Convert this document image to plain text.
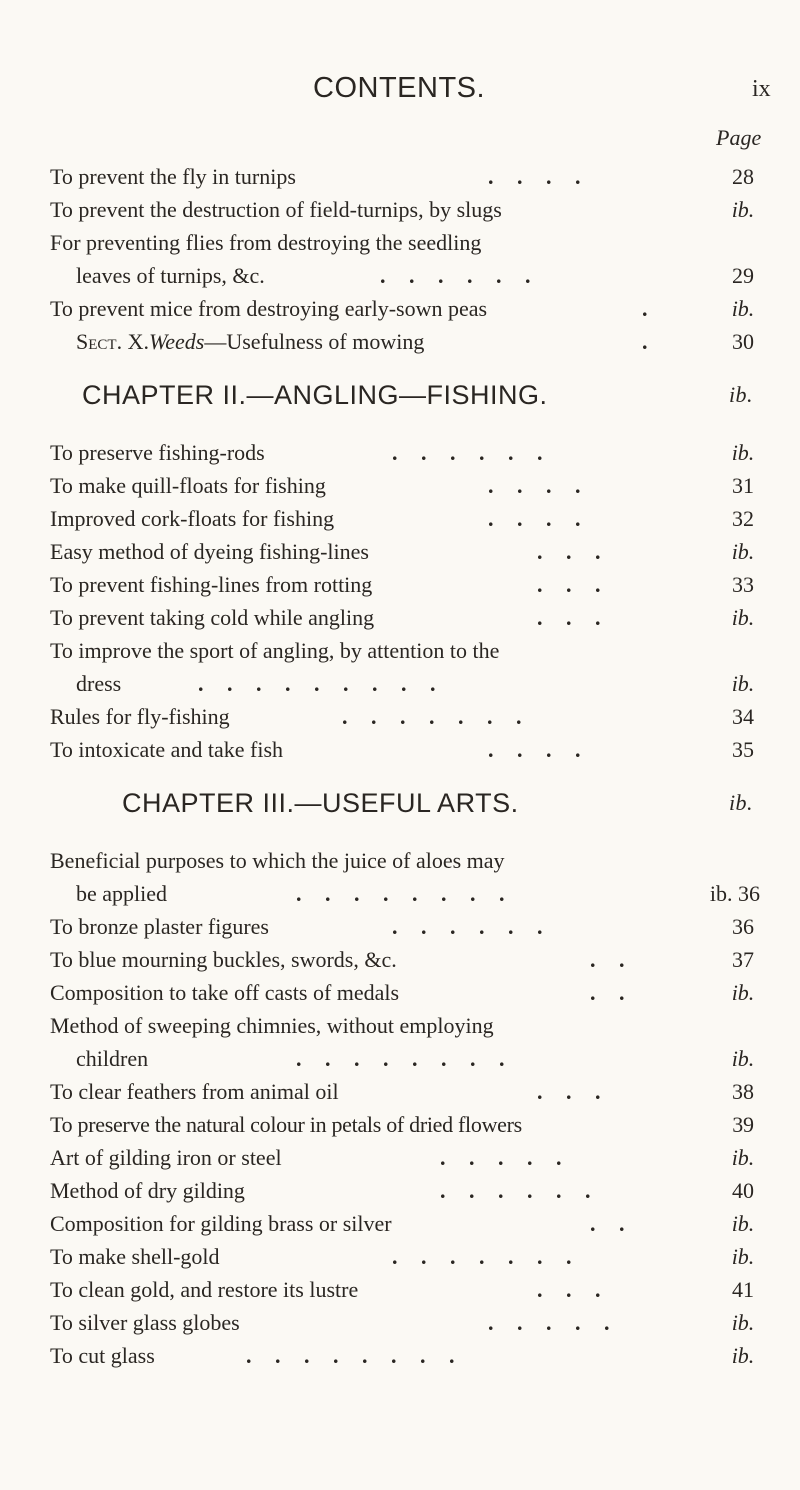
CONTENTS.	ix
Page
To prevent the fly in turnips	. . . .	28
To prevent the destruction of field-turnips, by slugs	ib.
For preventing flies from destroying the seedling
leaves of turnips, &c.	. . . . . .	29
To prevent mice from destroying early-sown peas	.	ib.
Sect. X.Weeds—Usefulness of mowing	.	30
CHAPTER II.—ANGLING—FISHING.	ib.
To preserve fishing-rods	. . . . . .	ib.
To make quill-floats for fishing	. . . .	31
Improved cork-floats for fishing	. . . .	32
Easy method of dyeing fishing-lines	. . .	ib.
To prevent fishing-lines from rotting	. . .	33
To prevent taking cold while angling	. . .	ib.
To improve the sport of angling, by attention to the
dress	. . . . . . . . .	ib.
Rules for fly-fishing	. . . . . . .	34
To intoxicate and take fish	. . . .	35
CHAPTER III.—USEFUL ARTS.	ib.
Beneficial purposes to which the juice of aloes may
be applied	. . . . . . . .	ib. 36
To bronze plaster figures	. . . . . .	36
To blue mourning buckles, swords, &c.	. .	37
Composition to take off casts of medals	. .	ib.
Method of sweeping chimnies, without employing
children	. . . . . . . .	ib.
To clear feathers from animal oil	. . .	38
To preserve the natural colour in petals of dried flowers	39
Art of gilding iron or steel	. . . . .	ib.
Method of dry gilding	. . . . . .	40
Composition for gilding brass or silver	. .	ib.
To make shell-gold	. . . . . . .	ib.
To clean gold, and restore its lustre	. . .	41
To silver glass globes	. . . . .	ib.
To cut glass	. . . . . . . .	ib.
